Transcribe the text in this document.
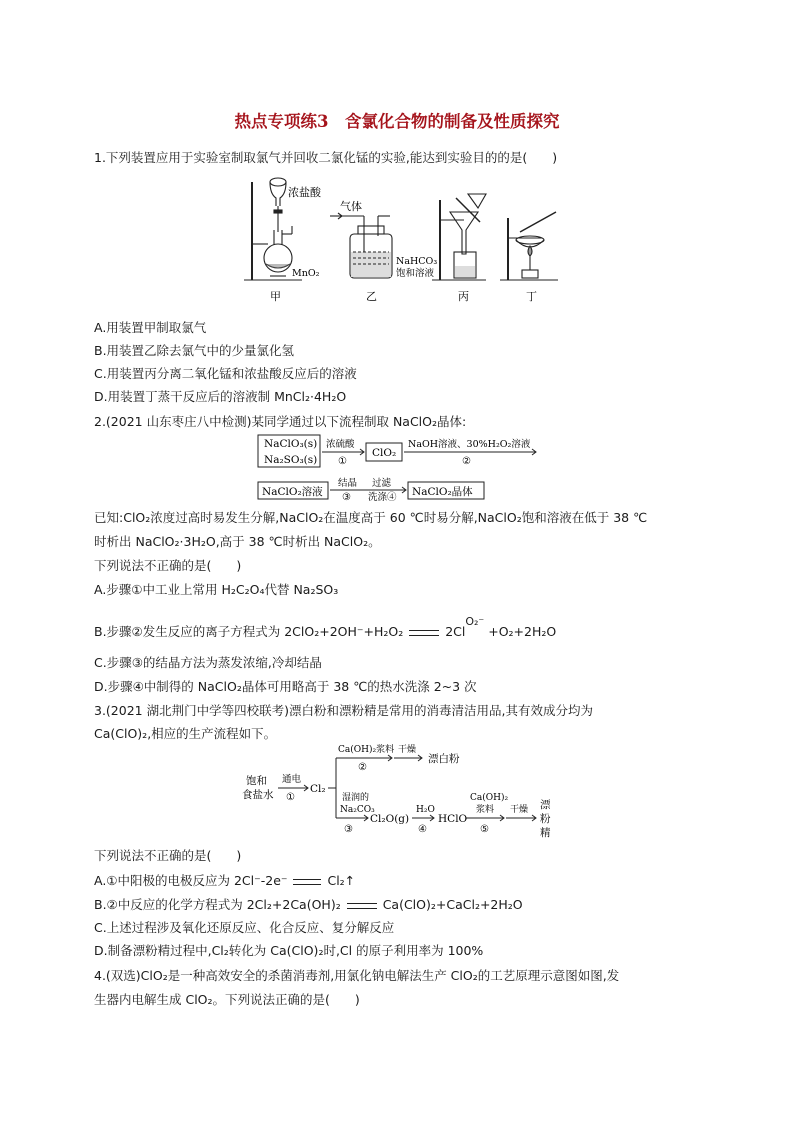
热点专项练3　含氯化合物的制备及性质探究
1.下列装置应用于实验室制取氯气并回收二氯化锰的实验,能达到实验目的的是(　　)
浓盐酸
MnO₂
气体
NaHCO₃
饱和溶液
甲	乙	丙	丁
A.用装置甲制取氯气
B.用装置乙除去氯气中的少量氯化氢
C.用装置丙分离二氧化锰和浓盐酸反应后的溶液
D.用装置丁蒸干反应后的溶液制 MnCl₂·4H₂O
2.(2021 山东枣庄八中检测)某同学通过以下流程制取 NaClO₂晶体:
NaClO₃(s)
Na₂SO₃(s)
浓硫酸
①
ClO₂
NaOH溶液、30%H₂O₂溶液
②
NaClO₂溶液
结晶
③
过滤
洗涤④ NaClO₂晶体
已知:ClO₂浓度过高时易发生分解,NaClO₂在温度高于 60 ℃时易分解,NaClO₂饱和溶液在低于 38 ℃
时析出 NaClO₂·3H₂O,高于 38 ℃时析出 NaClO₂。
下列说法不正确的是(　　)
A.步骤①中工业上常用 H₂C₂O₄代替 Na₂SO₃
B.步骤②发生反应的离子方程式为 2ClO₂+2OH⁻+H₂O₂	$2Cl^{O_2^-} +O_2+2H_2O$
C.步骤③的结晶方法为蒸发浓缩,冷却结晶
D.步骤④中制得的 NaClO₂晶体可用略高于 38 ℃的热水洗涤 2~3 次
3.(2021 湖北荆门中学等四校联考)漂白粉和漂粉精是常用的消毒清洁用品,其有效成分均为
Ca(ClO)₂,相应的生产流程如下。
饱和
食盐水
通电
①
Cl₂
Ca(OH)₂浆料
②
干燥
漂白粉
湿润的
Na₂CO₃
③
Cl₂O(g)
H₂O
④
HClO
Ca(OH)₂
浆料
⑤
干燥 漂
粉
精
下列说法不正确的是(　　)
A.①中阳极的电极反应为 2Cl⁻-2e⁻	Cl₂↑
B.②中反应的化学方程式为 2Cl₂+2Ca(OH)₂	Ca(ClO)₂+CaCl₂+2H₂O
C.上述过程涉及氧化还原反应、化合反应、复分解反应
D.制备漂粉精过程中,Cl₂转化为 Ca(ClO)₂时,Cl 的原子利用率为 100%
4.(双选)ClO₂是一种高效安全的杀菌消毒剂,用氯化钠电解法生产 ClO₂的工艺原理示意图如图,发
生器内电解生成 ClO₂。下列说法正确的是(　　)
